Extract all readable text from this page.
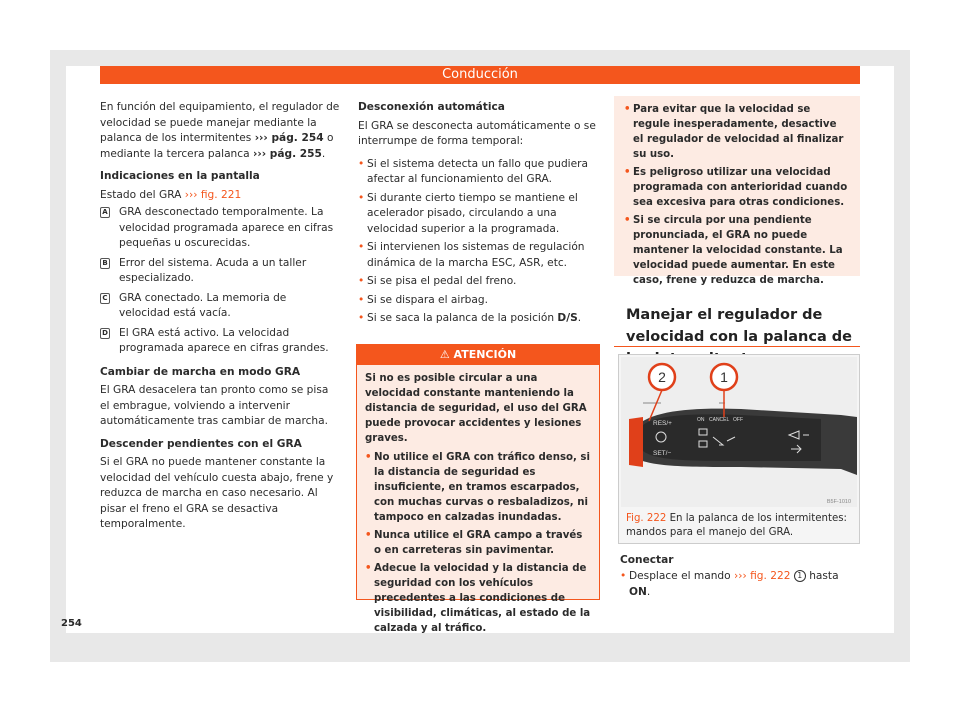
Conducción

En función del equipamiento, el regulador de velocidad se puede manejar mediante la palanca de los intermitentes ››› pág. 254 o mediante la tercera palanca ››› pág. 255.

Indicaciones en la pantalla

Estado del GRA ››› fig. 221

A GRA desconectado temporalmente. La velocidad programada aparece en cifras pequeñas u oscurecidas.
B Error del sistema. Acuda a un taller especializado.
C GRA conectado. La memoria de velocidad está vacía.
D El GRA está activo. La velocidad programada aparece en cifras grandes.
Cambiar de marcha en modo GRA

El GRA desacelera tan pronto como se pisa el embrague, volviendo a intervenir automáticamente tras cambiar de marcha.

Descender pendientes con el GRA

Si el GRA no puede mantener constante la velocidad del vehículo cuesta abajo, frene y reduzca de marcha en caso necesario. Al pisar el freno el GRA se desactiva temporalmente.

Desconexión automática

El GRA se desconecta automáticamente o se interrumpe de forma temporal:

• Si el sistema detecta un fallo que pudiera afectar al funcionamiento del GRA.
• Si durante cierto tiempo se mantiene el acelerador pisado, circulando a una velocidad superior a la programada.
• Si intervienen los sistemas de regulación dinámica de la marcha ESC, ASR, etc.
• Si se pisa el pedal del freno.
• Si se dispara el airbag.
• Si se saca la palanca de la posición D/S.
⚠ ATENCIÓN

Si no es posible circular a una velocidad constante manteniendo la distancia de seguridad, el uso del GRA puede provocar accidentes y lesiones graves.

• No utilice el GRA con tráfico denso, si la distancia de seguridad es insuficiente, en tramos escarpados, con muchas curvas o resbaladizos, ni tampoco en calzadas inundadas.
• Nunca utilice el GRA campo a través o en carreteras sin pavimentar.
• Adecue la velocidad y la distancia de seguridad con los vehículos precedentes a las condiciones de visibilidad, climáticas, al estado de la calzada y al tráfico.
• Para evitar que la velocidad se regule inesperadamente, desactive el regulador de velocidad al finalizar su uso.
• Es peligroso utilizar una velocidad programada con anterioridad cuando sea excesiva para otras condiciones.
• Si se circula por una pendiente pronunciada, el GRA no puede mantener la velocidad constante. La velocidad puede aumentar. En este caso, frene y reduzca de marcha.
Manejar el regulador de velocidad con la palanca de
2	1
RES/+
SET/−
ON CANCEL OFF
B5F-1010
Fig. 222 En la palanca de los intermitentes: mandos para el manejo del GRA.
Conectar
• Desplace el mando ››› fig. 222 1 hasta ON.
254
